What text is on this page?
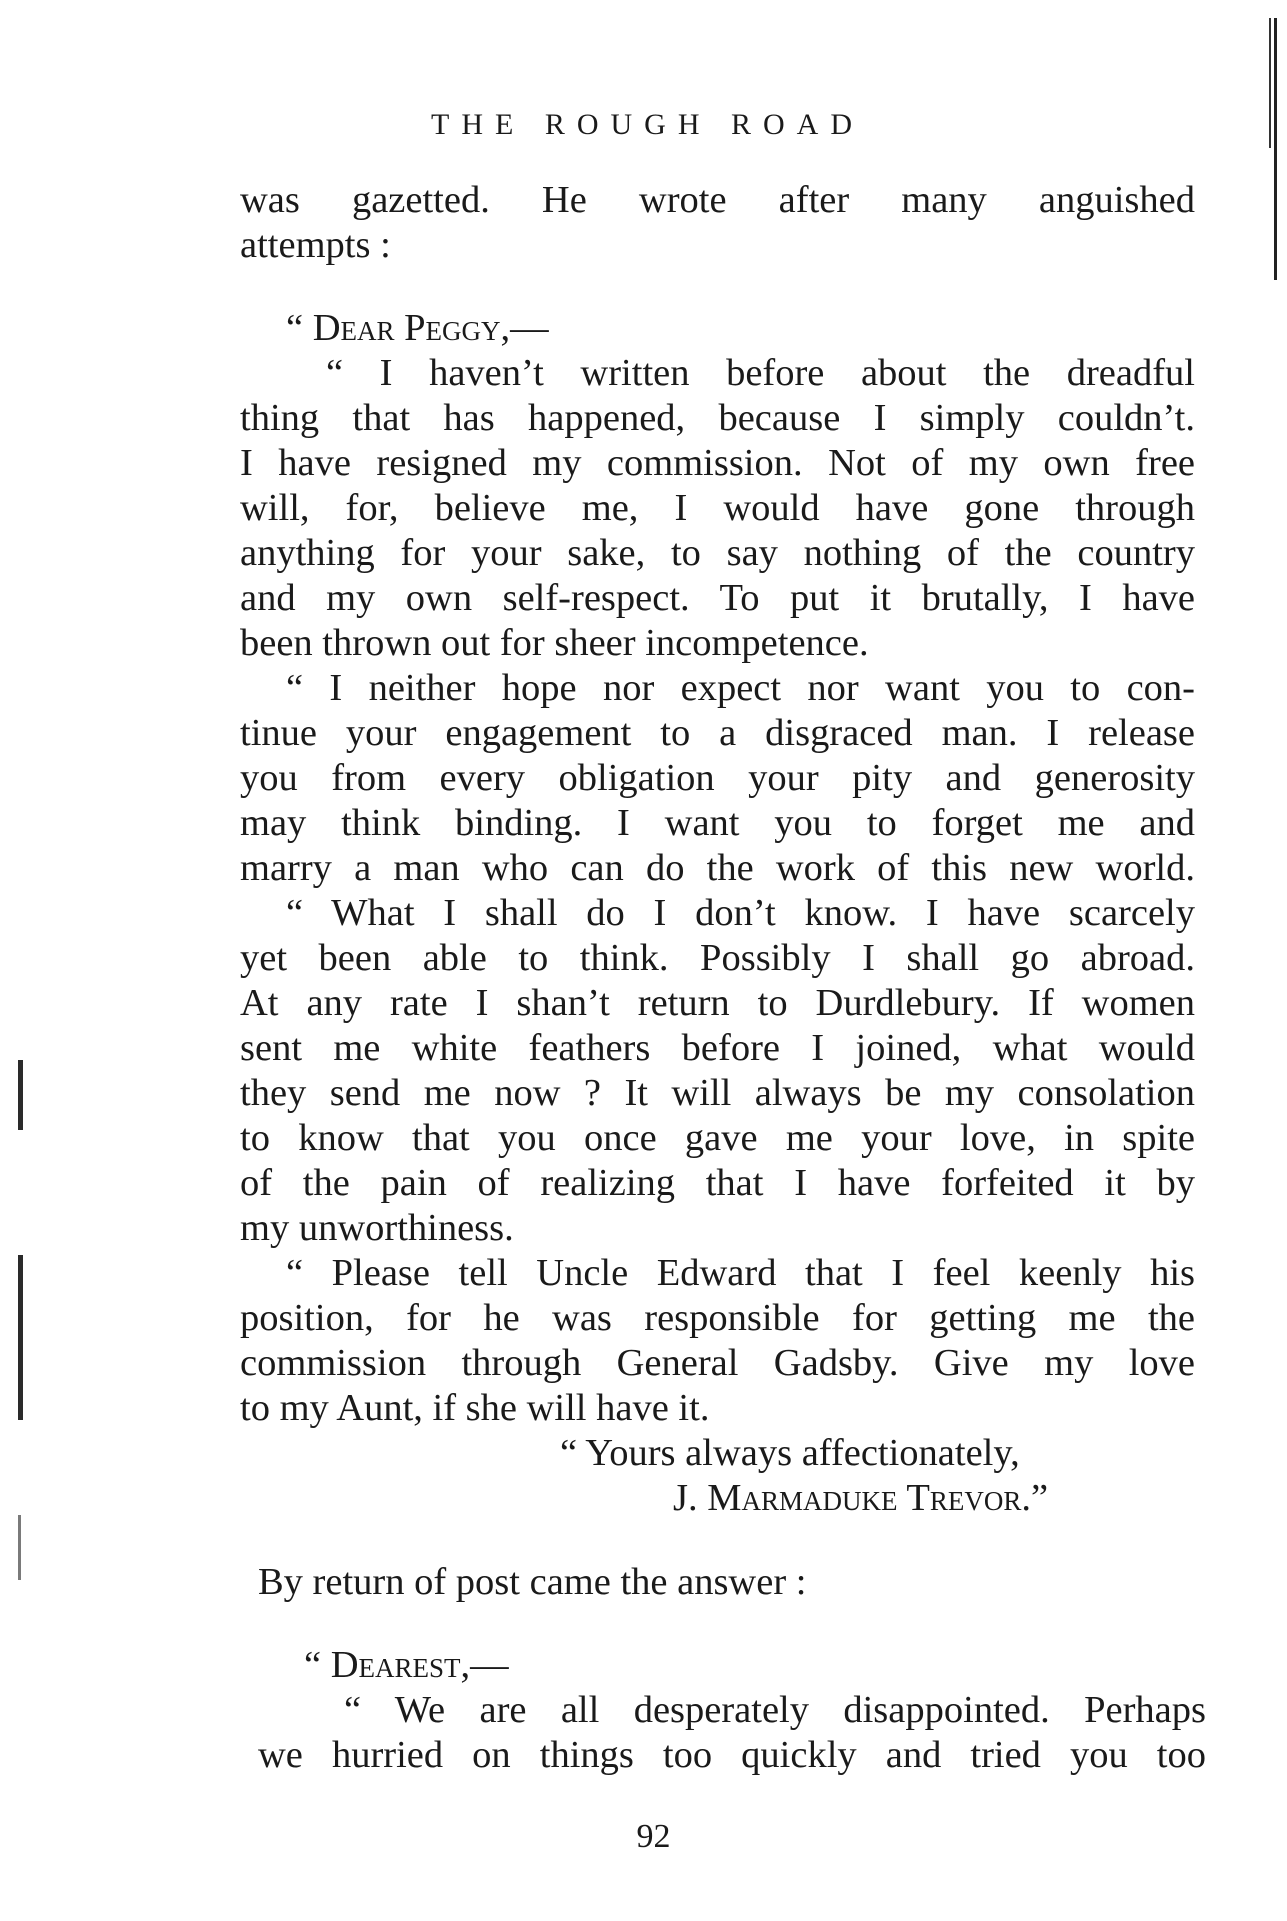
THE ROUGH ROAD
was gazetted. He wrote after many anguished
attempts :
“ Dear Peggy,—
“ I haven’t written before about the dreadful
thing that has happened, because I simply couldn’t.
I have resigned my commission. Not of my own free
will, for, believe me, I would have gone through
anything for your sake, to say nothing of the country
and my own self-respect. To put it brutally, I have
been thrown out for sheer incompetence.
“ I neither hope nor expect nor want you to con-
tinue your engagement to a disgraced man. I release
you from every obligation your pity and generosity
may think binding. I want you to forget me and
marry a man who can do the work of this new world.
“ What I shall do I don’t know. I have scarcely
yet been able to think. Possibly I shall go abroad.
At any rate I shan’t return to Durdlebury. If women
sent me white feathers before I joined, what would
they send me now ? It will always be my consolation
to know that you once gave me your love, in spite
of the pain of realizing that I have forfeited it by
my unworthiness.
“ Please tell Uncle Edward that I feel keenly his
position, for he was responsible for getting me the
commission through General Gadsby. Give my love
to my Aunt, if she will have it.
“ Yours always affectionately,
J. Marmaduke Trevor.”
By return of post came the answer :
“ Dearest,—
“ We are all desperately disappointed. Perhaps
we hurried on things too quickly and tried you too
92
